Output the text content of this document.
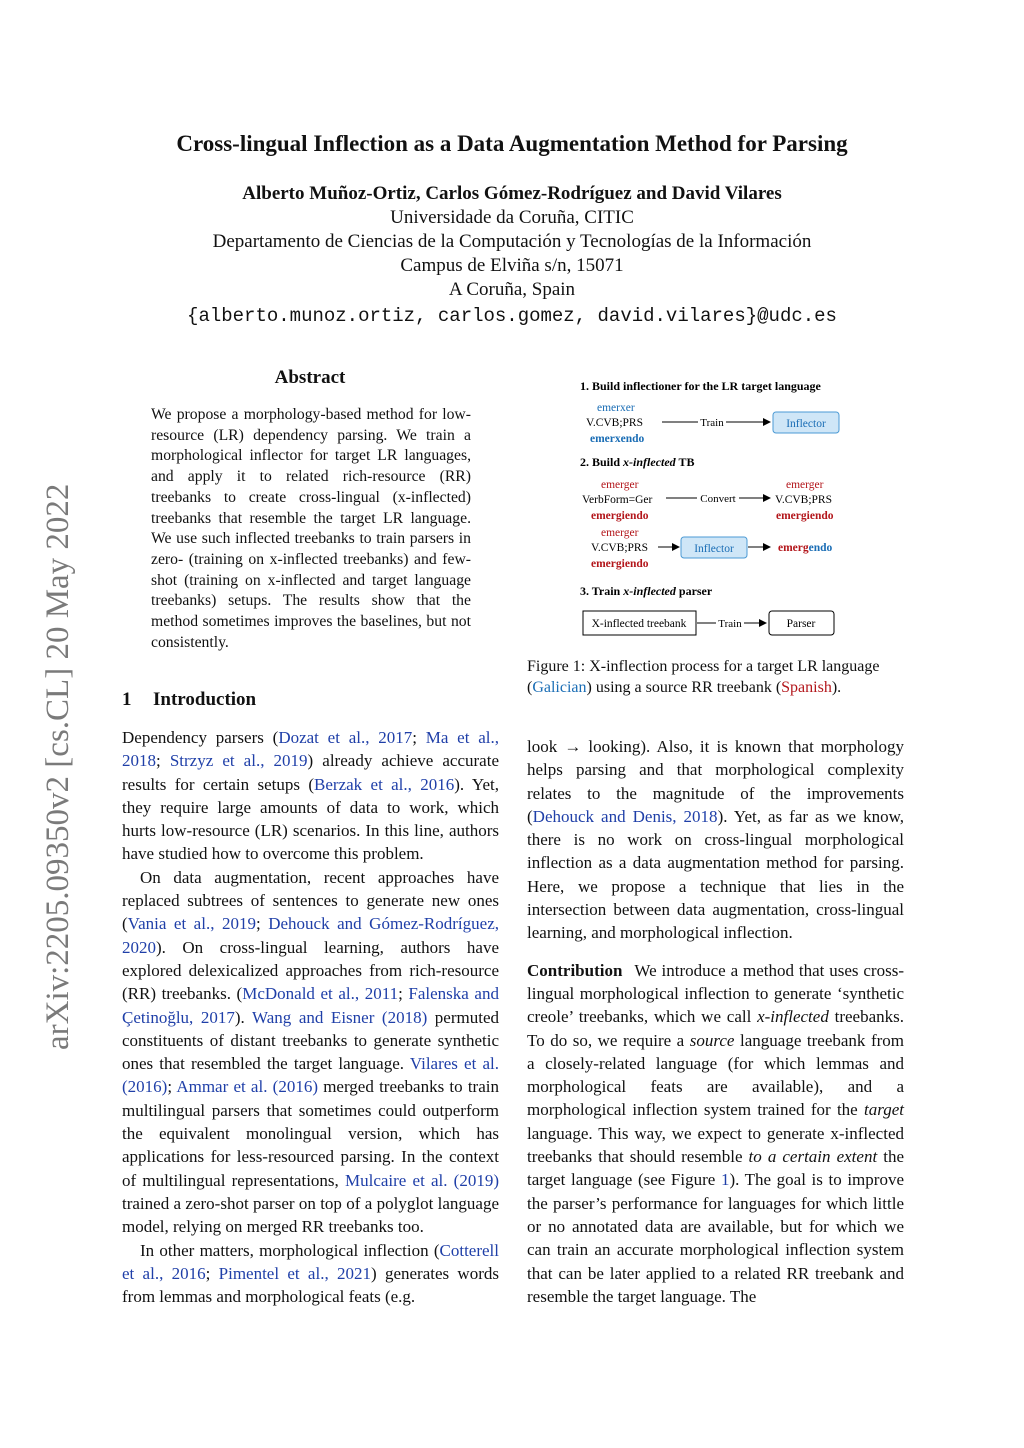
Cross-lingual Inflection as a Data Augmentation Method for Parsing
Alberto Muñoz-Ortiz, Carlos Gómez-Rodríguez and David Vilares
Universidade da Coruña, CITIC
Departamento de Ciencias de la Computación y Tecnologías de la Información
Campus de Elviña s/n, 15071
A Coruña, Spain
{alberto.munoz.ortiz, carlos.gomez, david.vilares}@udc.es
arXiv:2205.09350v2 [cs.CL] 20 May 2022
Abstract
We propose a morphology-based method for low-resource (LR) dependency parsing. We train a morphological inflector for target LR languages, and apply it to related rich-resource (RR) treebanks to create cross-lingual (x-inflected) treebanks that resemble the target LR language. We use such inflected treebanks to train parsers in zero- (training on x-inflected treebanks) and few-shot (training on x-inflected and target language treebanks) setups. The results show that the method sometimes improves the baselines, but not consistently.
1 Introduction

Dependency parsers (Dozat et al., 2017; Ma et al., 2018; Strzyz et al., 2019) already achieve accurate results for certain setups (Berzak et al., 2016). Yet, they require large amounts of data to work, which hurts low-resource (LR) scenarios. In this line, authors have studied how to overcome this problem.

On data augmentation, recent approaches have replaced subtrees of sentences to generate new ones (Vania et al., 2019; Dehouck and Gómez-Rodríguez, 2020). On cross-lingual learning, authors have explored delexicalized approaches from rich-resource (RR) treebanks. (McDonald et al., 2011; Falenska and Çetinoğlu, 2017). Wang and Eisner (2018) permuted constituents of distant treebanks to generate synthetic ones that resembled the target language. Vilares et al. (2016); Ammar et al. (2016) merged treebanks to train multilingual parsers that sometimes could outperform the equivalent monolingual version, which has applications for less-resourced parsing. In the context of multilingual representations, Mulcaire et al. (2019) trained a zero-shot parser on top of a polyglot language model, relying on merged RR treebanks too.

In other matters, morphological inflection (Cotterell et al., 2016; Pimentel et al., 2021) generates words from lemmas and morphological feats (e.g.

1. Build inflectioner for the LR target language
emerxer
V.CVB;PRS
emerxendo
Train	Inflector
2. Build x-inflected TB
emerger
VerbForm=Ger
emergiendo
Convert
emerger
V.CVB;PRS
emergiendo
emerger
V.CVB;PRS
emergiendo
Inflector	emergendo
3. Train x-inflected parser
X-inflected treebank	Train	Parser
Figure 1: X-inflection process for a target LR language (Galician) using a source RR treebank (Spanish).

look → looking). Also, it is known that morphology helps parsing and that morphological complexity relates to the magnitude of the improvements (Dehouck and Denis, 2018). Yet, as far as we know, there is no work on cross-lingual morphological inflection as a data augmentation method for parsing. Here, we propose a technique that lies in the intersection between data augmentation, cross-lingual learning, and morphological inflection.

Contribution We introduce a method that uses cross-lingual morphological inflection to generate ‘synthetic creole’ treebanks, which we call x-inflected treebanks. To do so, we require a source language treebank from a closely-related language (for which lemmas and morphological feats are available), and a morphological inflection system trained for the target language. This way, we expect to generate x-inflected treebanks that should resemble to a certain extent the target language (see Figure 1). The goal is to improve the parser’s performance for languages for which little or no annotated data are available, but for which we can train an accurate morphological inflection system that can be later applied to a related RR treebank and resemble the target language. The
